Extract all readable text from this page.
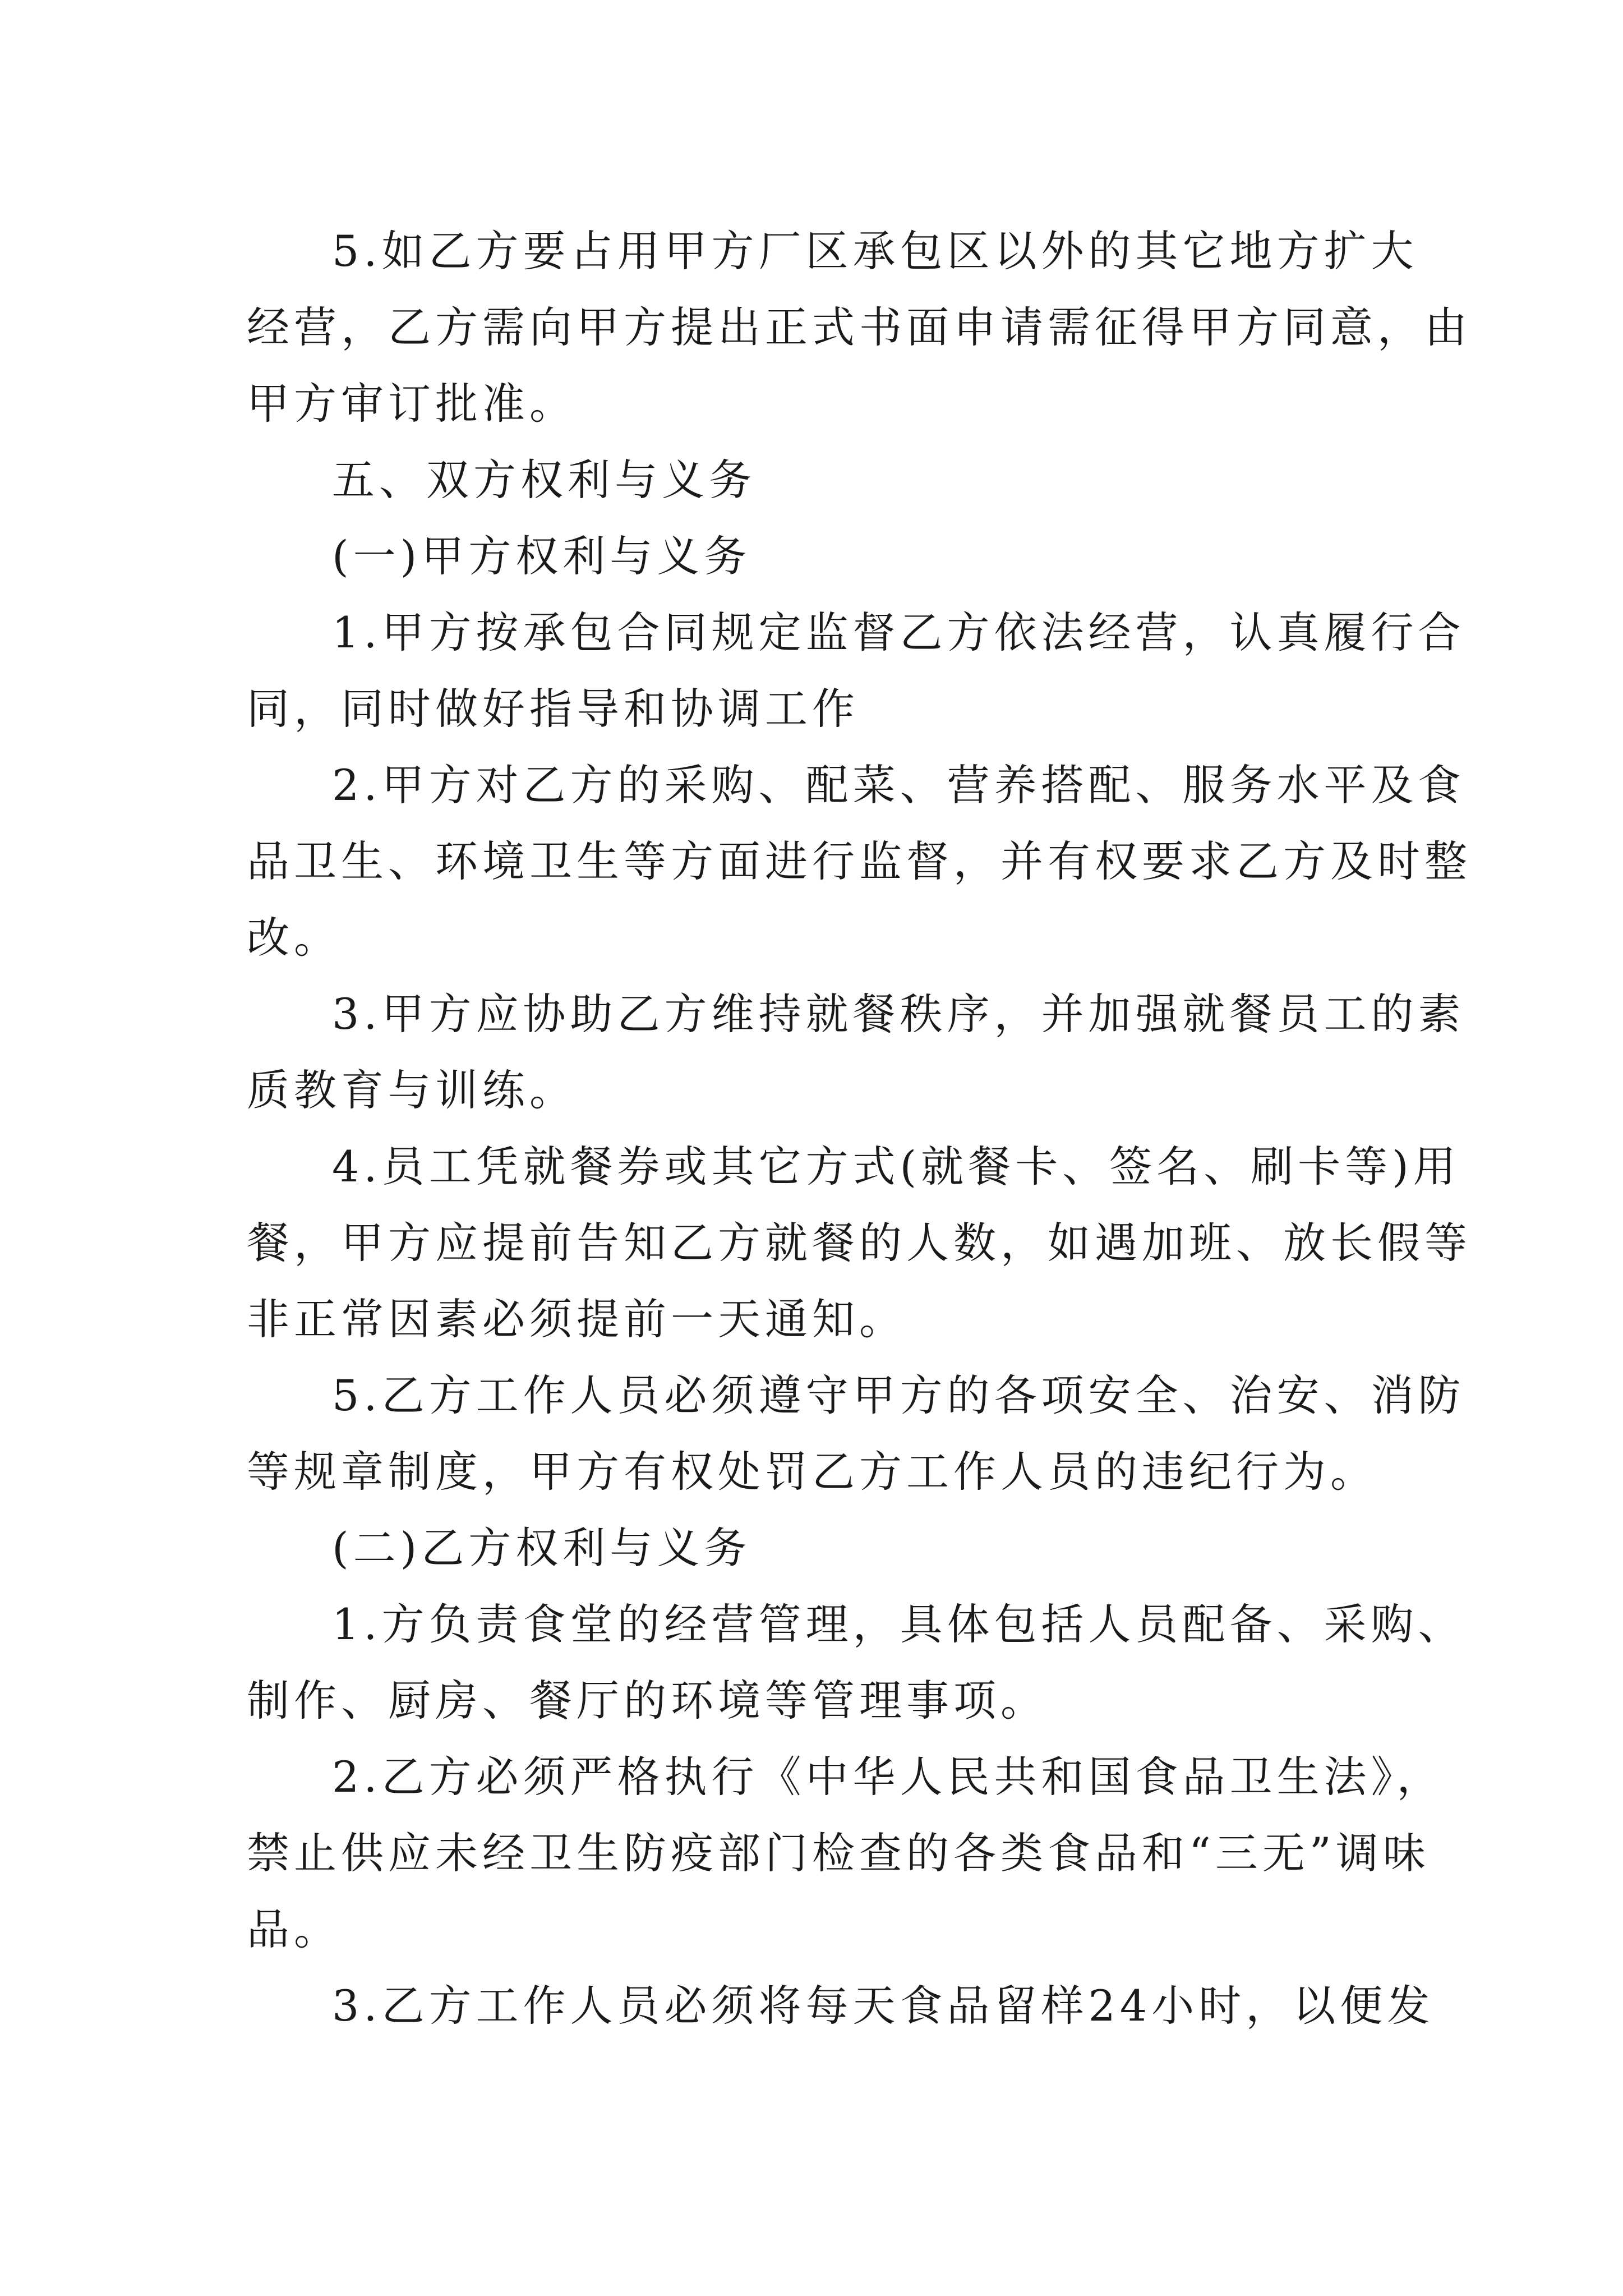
5.如乙方要占用甲方厂区承包区以外的其它地方扩大
经营，乙方需向甲方提出正式书面申请需征得甲方同意，由
甲方审订批准。

五、双方权利与义务

(一)甲方权利与义务

1.甲方按承包合同规定监督乙方依法经营，认真履行合
同，同时做好指导和协调工作

2.甲方对乙方的采购、配菜、营养搭配、服务水平及食
品卫生、环境卫生等方面进行监督，并有权要求乙方及时整
改。

3.甲方应协助乙方维持就餐秩序，并加强就餐员工的素
质教育与训练。

4.员工凭就餐券或其它方式(就餐卡、签名、刷卡等)用
餐，甲方应提前告知乙方就餐的人数，如遇加班、放长假等
非正常因素必须提前一天通知。

5.乙方工作人员必须遵守甲方的各项安全、治安、消防
等规章制度，甲方有权处罚乙方工作人员的违纪行为。

(二)乙方权利与义务

1.方负责食堂的经营管理，具体包括人员配备、采购、
制作、厨房、餐厅的环境等管理事项。

2.乙方必须严格执行《中华人民共和国食品卫生法》，
禁止供应未经卫生防疫部门检查的各类食品和“三无”调味
品。

3.乙方工作人员必须将每天食品留样24小时，以便发
